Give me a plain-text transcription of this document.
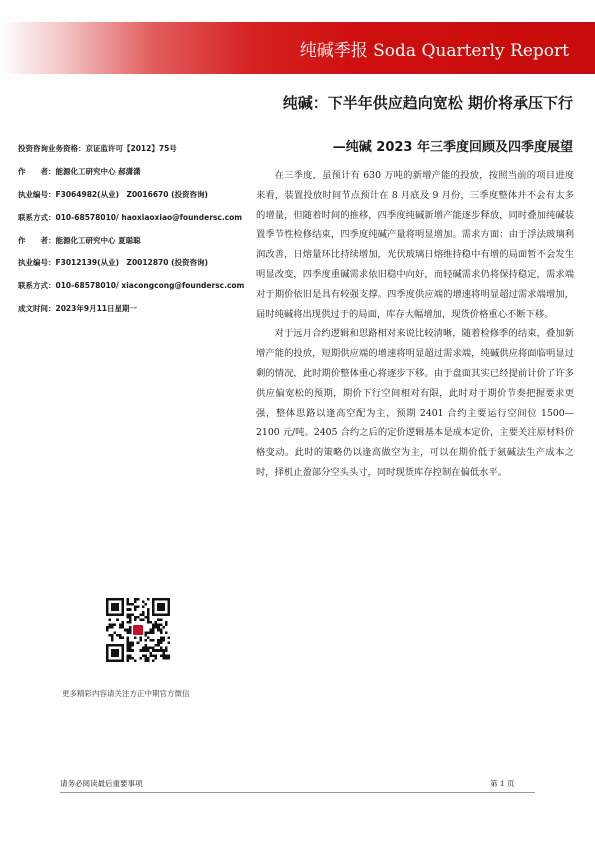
纯碱季报 Soda Quarterly Report
纯碱：下半年供应趋向宽松 期价将承压下行
—纯碱 2023 年三季度回顾及四季度展望
投资咨询业务资格：京证监许可【2012】75号
作　　者：能源化工研究中心 郝潇潇
执业编号：F3064982(从业)　Z0016670 (投资咨询)
联系方式：010-68578010/ haoxiaoxiao@foundersc.com
作　　者：能源化工研究中心 夏聪聪
执业编号：F3012139(从业)　Z0012870 (投资咨询)
联系方式：010-68578010/ xiacongcong@foundersc.com
成文时间：2023年9月11日星期一

在三季度，虽预计有 630 万吨的新增产能的投放，按照当前的项目进度来看，装置投放时间节点预计在 8 月底及 9 月份，三季度整体并不会有太多的增量，但随着时间的推移，四季度纯碱新增产能逐步释放，同时叠加纯碱装置季节性检修结束，四季度纯碱产量将明显增加。需求方面：由于浮法玻璃利润改善，日熔量环比持续增加，光伏玻璃日熔维持稳中有增的局面暂不会发生明显改变，四季度重碱需求依旧稳中向好，而轻碱需求仍将保持稳定，需求端对于期价依旧是具有较强支撑。四季度供应端的增速将明显超过需求端增加，届时纯碱将出现供过于的局面，库存大幅增加，现货价格重心不断下移。

对于远月合约逻辑和思路相对来说比较清晰，随着检修季的结束，叠加新增产能的投放，短期供应端的增速将明显超过需求端，纯碱供应将面临明显过剩的情况，此时期价整体重心将逐步下移。由于盘面其实已经提前计价了许多供应偏宽松的预期，期价下行空间相对有限，此时对于期价节奏把握要求更强，整体思路以逢高空配为主，预期 2401 合约主要运行空间位 1500—2100 元/吨。2405 合约之后的定价逻辑基本是成本定价，主要关注原材料价格变动。此时的策略仍以逢高做空为主，可以在期价低于氨碱法生产成本之时，择机止盈部分空头头寸，同时现货库存控制在偏低水平。

更多精彩内容请关注方正中期官方微信
请务必阅读最后重要事项	第 1 页
